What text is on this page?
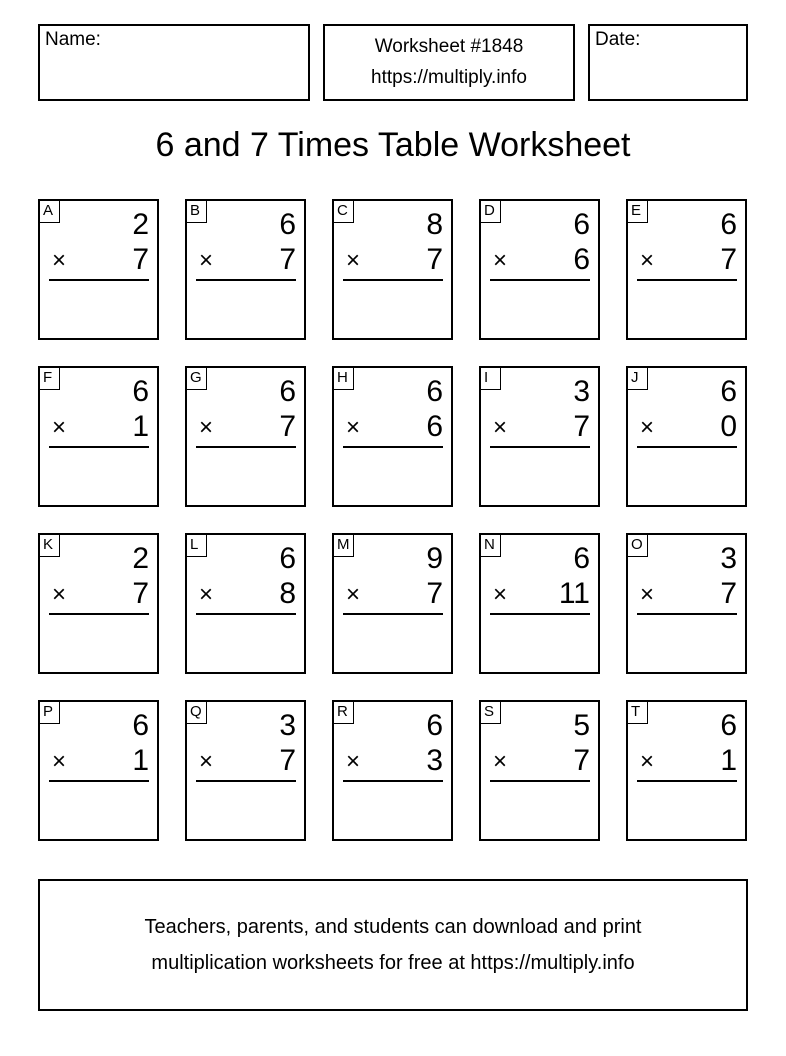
Name:	Worksheet #1848
https://multiply.info
Date:
6 and 7 Times Table Worksheet
A	2
× 7
B	6
× 7
C	8
× 7
D	6
× 6
E	6
× 7
F	6
× 1
G	6
× 7
H	6
× 6
I	3
× 7
J	6
× 0
K	2
× 7
L	6
× 8
M	9
× 7
N	6
× 11
O	3
× 7
P	6
× 1
Q	3
× 7
R	6
× 3
S	5
× 7
T	6
× 1
Teachers, parents, and students can download and print
multiplication worksheets for free at https://multiply.info
